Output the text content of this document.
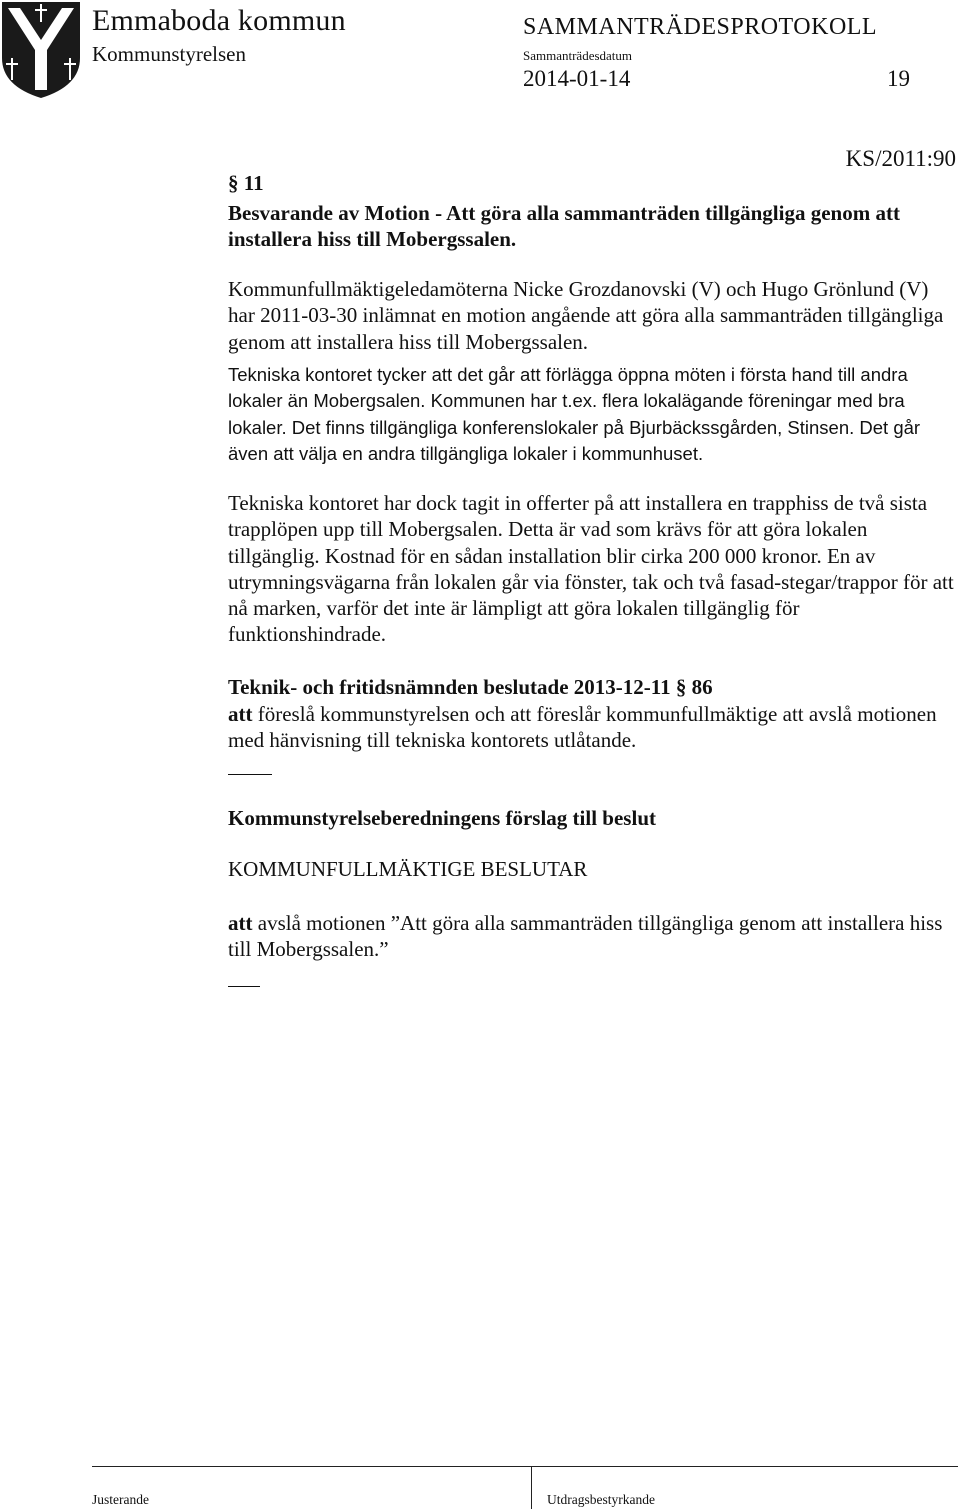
Emmaboda kommun
Kommunstyrelsen
SAMMANTRÄDESPROTOKOLL
Sammanträdesdatum
2014-01-14	19
KS/2011:90
§ 11
Besvarande av Motion - Att göra alla sammanträden tillgängliga genom att installera hiss till Mobergssalen.
Kommunfullmäktigeledamöterna Nicke Grozdanovski (V) och Hugo Grönlund (V) har 2011-03-30 inlämnat en motion angående att göra alla sammanträden tillgängliga genom att installera hiss till Mobergssalen.
Tekniska kontoret tycker att det går att förlägga öppna möten i första hand till andra lokaler än Mobergsalen. Kommunen har t.ex. flera lokalägande föreningar med bra lokaler. Det finns tillgängliga konferenslokaler på Bjurbäckssgården, Stinsen. Det går även att välja en andra tillgängliga lokaler i kommunhuset.
Tekniska kontoret har dock tagit in offerter på att installera en trapphiss de två sista trapplöpen upp till Mobergsalen. Detta är vad som krävs för att göra lokalen tillgänglig. Kostnad för en sådan installation blir cirka 200 000 kronor. En av utrymningsvägarna från lokalen går via fönster, tak och två fasad-stegar/trappor för att nå marken, varför det inte är lämpligt att göra lokalen tillgänglig för funktionshindrade.
Teknik- och fritidsnämnden beslutade 2013-12-11 § 86
att föreslå kommunstyrelsen och att föreslår kommunfullmäktige att avslå motionen med hänvisning till tekniska kontorets utlåtande.
Kommunstyrelseberedningens förslag till beslut
KOMMUNFULLMÄKTIGE BESLUTAR
att avslå motionen ”Att göra alla sammanträden tillgängliga genom att installera hiss till Mobergssalen.”
Justerande	Utdragsbestyrkande
